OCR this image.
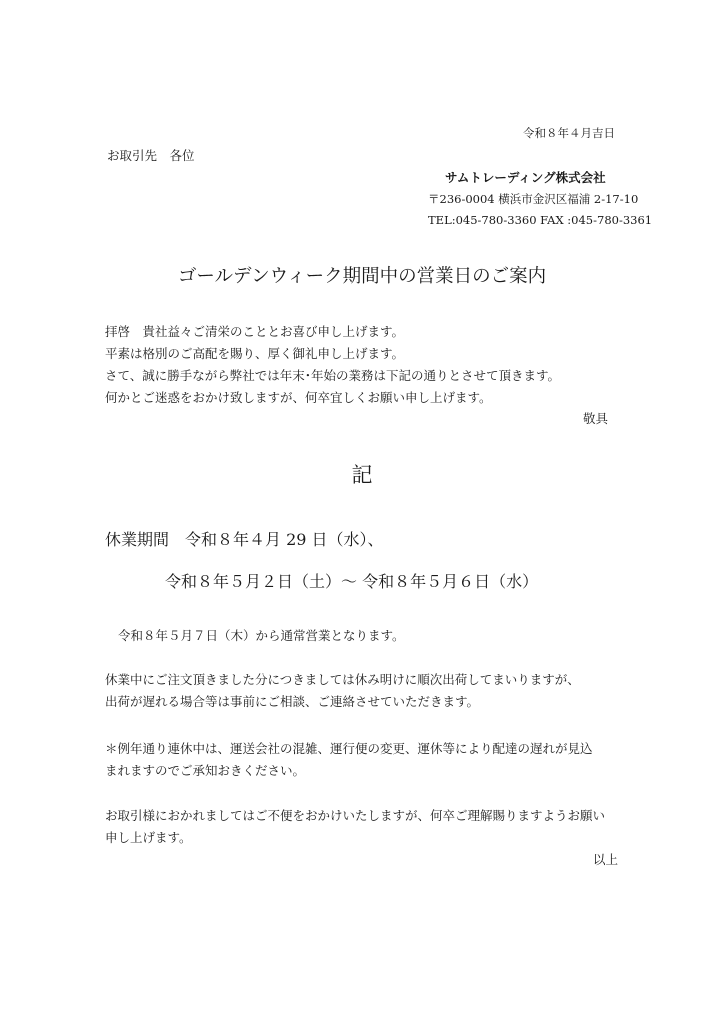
令和８年４月吉日
お取引先　各位
サムトレーディング株式会社
〒236-0004 横浜市金沢区福浦 2-17-10
TEL:045-780-3360 FAX :045-780-3361
ゴールデンウィーク期間中の営業日のご案内
拝啓　貴社益々ご清栄のこととお喜び申し上げます。
平素は格別のご高配を賜り、厚く御礼申し上げます。
さて、誠に勝手ながら弊社では年末･年始の業務は下記の通りとさせて頂きます。
何かとご迷惑をおかけ致しますが、何卒宜しくお願い申し上げます。
敬具
記
休業期間　令和８年４月 29 日（水）、
令和８年５月２日（土）～ 令和８年５月６日（水）
令和８年５月７日（木）から通常営業となります。
休業中にご注文頂きました分につきましては休み明けに順次出荷してまいりますが、
出荷が遅れる場合等は事前にご相談、ご連絡させていただきます。
＊例年通り連休中は、運送会社の混雑、運行便の変更、運休等により配達の遅れが見込
まれますのでご承知おきください。
お取引様におかれましてはご不便をおかけいたしますが、何卒ご理解賜りますようお願い
申し上げます。
以上
